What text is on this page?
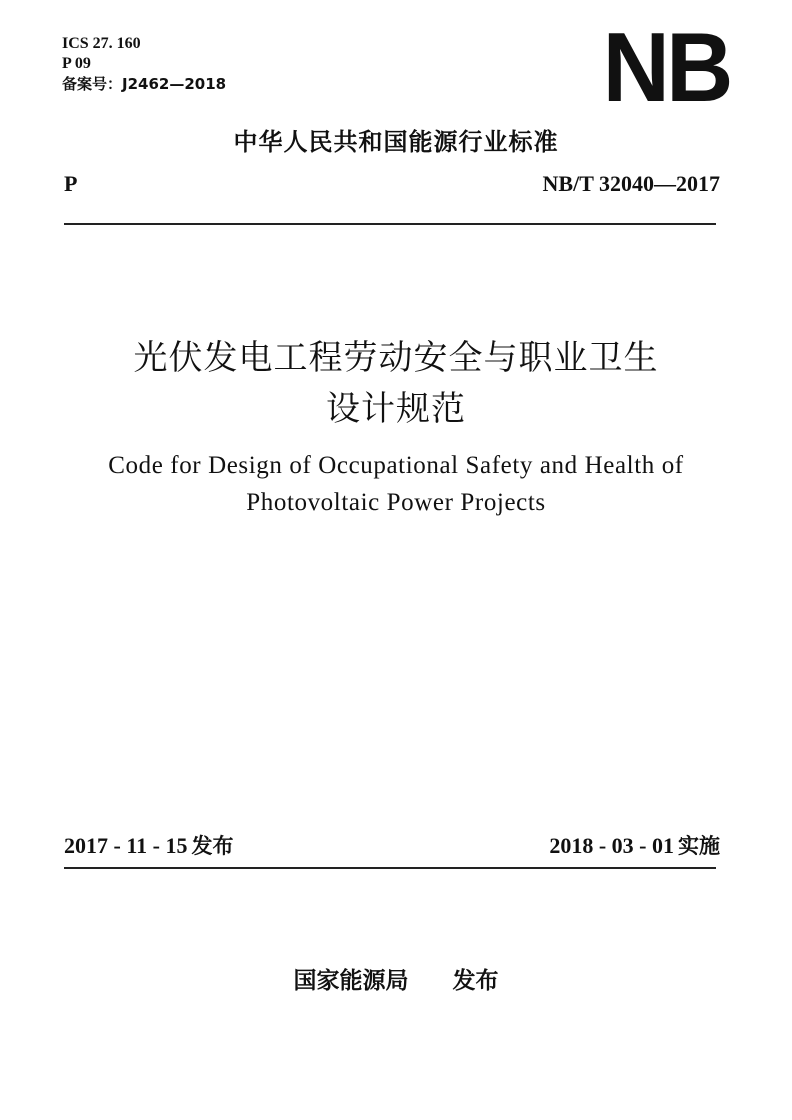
ICS 27. 160
P 09
备案号：J2462—2018	NB
中华人民共和国能源行业标准
P	NB/T 32040—2017
光伏发电工程劳动安全与职业卫生
设计规范
Code for Design of Occupational Safety and Health of
Photovoltaic Power Projects
2017 - 11 - 15 发布	2018 - 03 - 01 实施
国家能源局 发布
